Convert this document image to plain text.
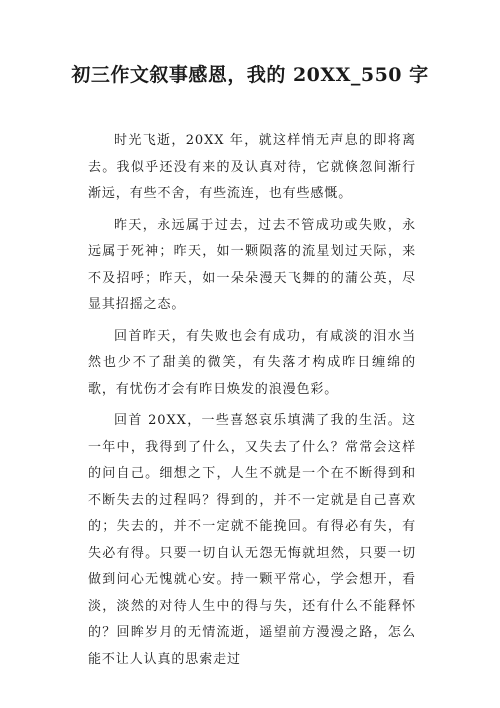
初三作文叙事感恩，我的 20XX_550 字

时光飞逝，20XX 年，就这样悄无声息的即将离去。我似乎还没有来的及认真对待，它就倏忽间渐行渐远，有些不舍，有些流连，也有些感慨。

昨天，永远属于过去，过去不管成功或失败，永远属于死神；昨天，如一颗陨落的流星划过天际，来不及招呼；昨天，如一朵朵漫天飞舞的的蒲公英，尽显其招摇之态。

回首昨天，有失败也会有成功，有咸淡的泪水当然也少不了甜美的微笑，有失落才构成昨日缠绵的歌，有忧伤才会有昨日焕发的浪漫色彩。

回首 20XX，一些喜怒哀乐填满了我的生活。这一年中，我得到了什么，又失去了什么？常常会这样的问自己。细想之下，人生不就是一个在不断得到和不断失去的过程吗？得到的，并不一定就是自己喜欢的；失去的，并不一定就不能挽回。有得必有失，有失必有得。只要一切自认无怨无悔就坦然，只要一切做到问心无愧就心安。持一颗平常心，学会想开，看淡，淡然的对待人生中的得与失，还有什么不能释怀的？回眸岁月的无情流逝，遥望前方漫漫之路，怎么能不让人认真的思索走过
